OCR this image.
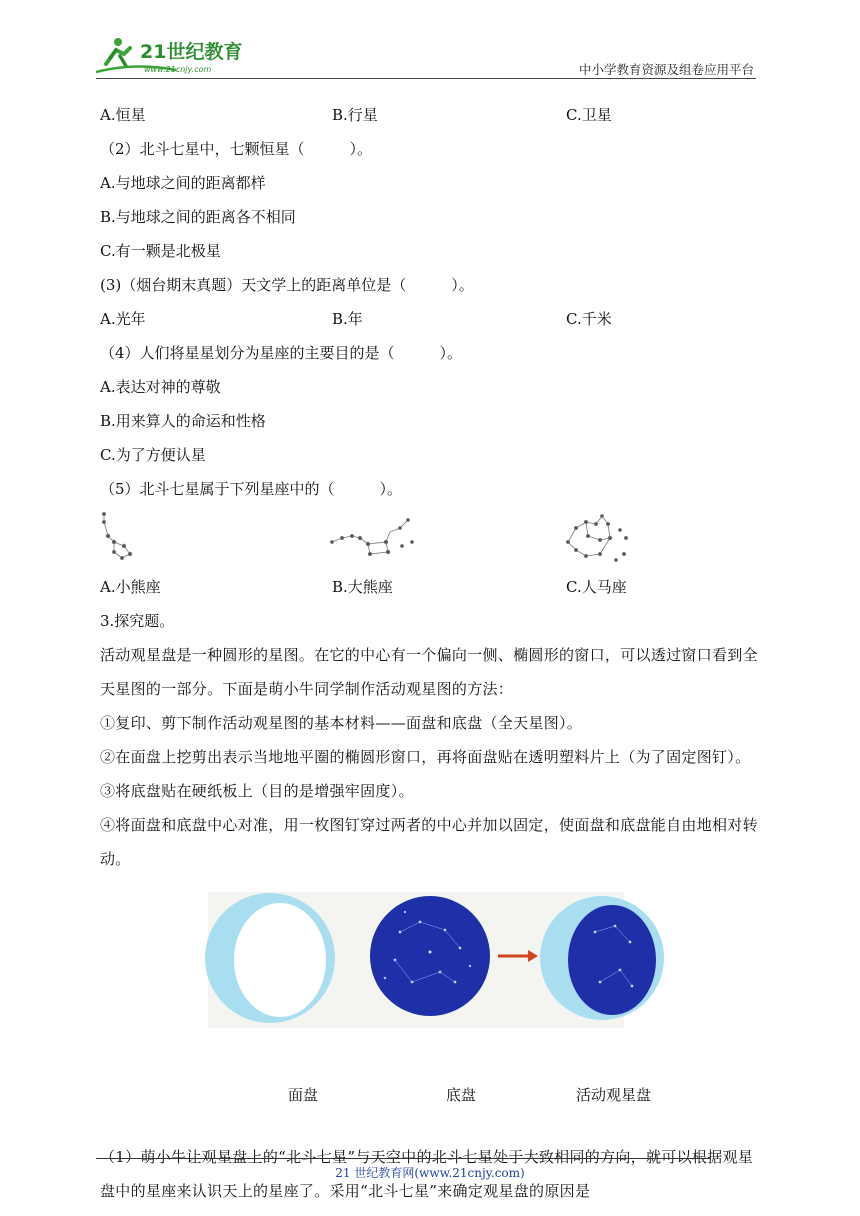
21世纪教育
www.21cnjy.com	中小学教育资源及组卷应用平台
A.恒星	B.行星	C.卫星
（2）北斗七星中，七颗恒星（　　　）。
A.与地球之间的距离都样
B.与地球之间的距离各不相同
C.有一颗是北极星
(3)（烟台期末真题）天文学上的距离单位是（　　　）。
A.光年	B.年	C.千米
（4）人们将星星划分为星座的主要目的是（　　　）。
A.表达对神的尊敬
B.用来算人的命运和性格
C.为了方便认星
（5）北斗七星属于下列星座中的（　　　）。
A.小熊座	B.大熊座	C.人马座
3.探究题。
活动观星盘是一种圆形的星图。在它的中心有一个偏向一侧、椭圆形的窗口，可以透过窗口看到全天星图的一部分。下面是萌小牛同学制作活动观星图的方法：
①复印、剪下制作活动观星图的基本材料——面盘和底盘（全天星图）。
②在面盘上挖剪出表示当地地平圈的椭圆形窗口，再将面盘贴在透明塑料片上（为了固定图钉）。③将底盘贴在硬纸板上（目的是增强牢固度）。
④将面盘和底盘中心对准，用一枚图钉穿过两者的中心并加以固定，使面盘和底盘能自由地相对转动。
面盘	底盘	活动观星盘
（1）萌小牛让观星盘上的“北斗七星”与天空中的北斗七星处于大致相同的方向，就可以根据观星盘中的星座来认识天上的星座了。采用“北斗七星”来确定观星盘的原因是
21 世纪教育网(www.21cnjy.com)
